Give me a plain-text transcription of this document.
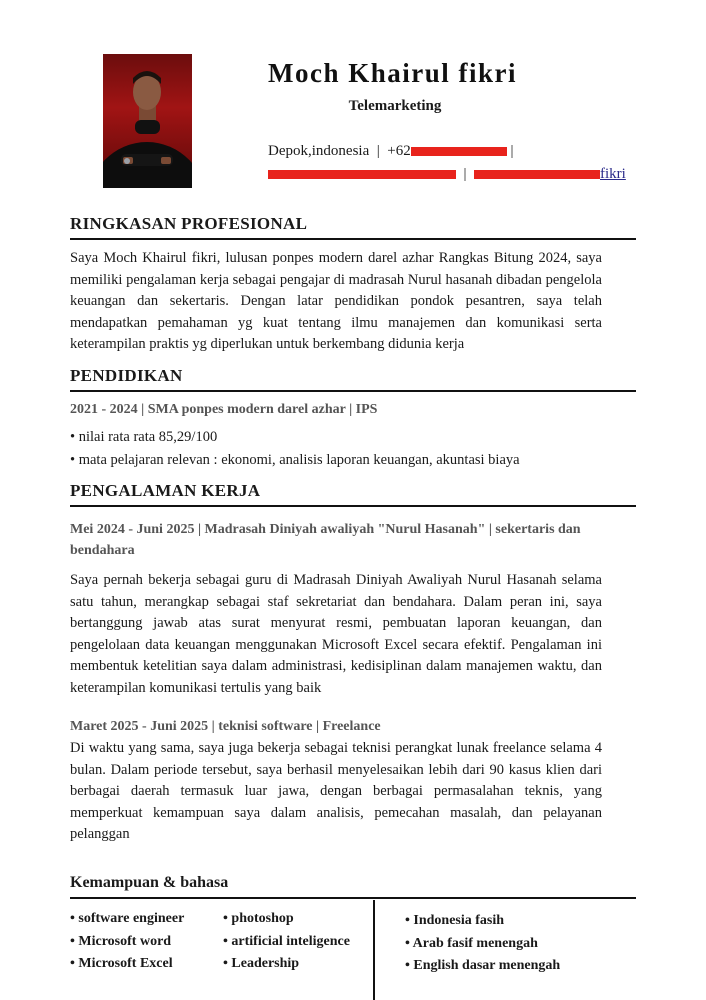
Moch Khairul fikri
Telemarketing
Depok,indonesia  |  +62	|
|	fikri
RINGKASAN PROFESIONAL
Saya Moch Khairul fikri, lulusan ponpes modern darel azhar Rangkas Bitung 2024, saya memiliki pengalaman kerja sebagai pengajar di madrasah Nurul hasanah dibadan pengelola keuangan dan sekertaris. Dengan latar pendidikan pondok pesantren, saya telah mendapatkan pemahaman yg kuat tentang ilmu manajemen dan komunikasi serta keterampilan praktis yg diperlukan untuk berkembang didunia kerja
PENDIDIKAN
2021 - 2024 | SMA ponpes modern darel azhar | IPS
• nilai rata rata 85,29/100
• mata pelajaran relevan : ekonomi, analisis laporan keuangan, akuntasi biaya
PENGALAMAN KERJA
Mei 2024 - Juni 2025 | Madrasah Diniyah awaliyah "Nurul Hasanah" | sekertaris dan bendahara
Saya pernah bekerja sebagai guru di Madrasah Diniyah Awaliyah Nurul Hasanah selama satu tahun, merangkap sebagai staf sekretariat dan bendahara. Dalam peran ini, saya bertanggung jawab atas surat menyurat resmi, pembuatan laporan keuangan, dan pengelolaan data keuangan menggunakan Microsoft Excel secara efektif. Pengalaman ini membentuk ketelitian saya dalam administrasi, kedisiplinan dalam manajemen waktu, dan keterampilan komunikasi tertulis yang baik
Maret 2025 - Juni 2025 | teknisi software | Freelance
Di waktu yang sama, saya juga bekerja sebagai teknisi perangkat lunak freelance selama 4 bulan. Dalam periode tersebut, saya berhasil menyelesaikan lebih dari 90 kasus klien dari berbagai daerah termasuk luar jawa, dengan berbagai permasalahan teknis, yang memperkuat kemampuan saya dalam analisis, pemecahan masalah, dan pelayanan pelanggan
Kemampuan & bahasa
• software engineer
• Microsoft word
• Microsoft Excel
• photoshop
• artificial inteligence
• Leadership
• Indonesia fasih
• Arab fasif menengah
• English dasar menengah
